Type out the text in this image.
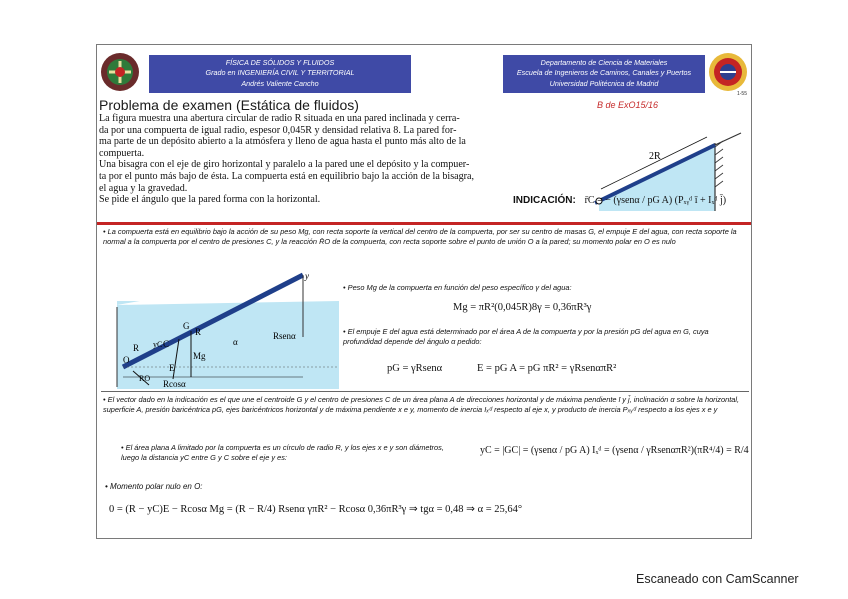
FÍSICA DE SÓLIDOS Y FLUIDOS
Grado en INGENIERÍA CIVIL Y TERRITORIAL
Andrés Valiente Cancho
Departamento de Ciencia de Materiales
Escuela de Ingenieros de Caminos, Canales y Puertos
Universidad Politécnica de Madrid
1-55
Problema de examen (Estática de fluidos)	B de ExO15/16
La figura muestra una abertura circular de radio R situada en una pared inclinada y cerra-
da por una compuerta de igual radio, espesor 0,045R y densidad relativa 8. La pared for-
ma parte de un depósito abierto a la atmósfera y lleno de agua hasta el punto más alto de la
compuerta.
Una bisagra con el eje de giro horizontal y paralelo a la pared une el depósito y la compuer-
ta por el punto más bajo de ésta. La compuerta está en equilibrio bajo la acción de la bisagra,
el agua y la gravedad.
Se pide el ángulo que la pared forma con la horizontal.
2R
INDICACIÓN: r̄C = − (γsenα / pG A) (Pₓᵧᵈ ī + Iₓᵈ j̄)
• La compuerta está en equilibrio bajo la acción de su peso Mg, con recta soporte la vertical del centro de la compuerta, por ser su centro de masas G, el empuje E del agua, con recta soporte la normal a la compuerta por el centro de presiones C, y la reacción R̄O de la compuerta, con recta soporte sobre el punto de unión O a la pared; su momento polar en O es nulo
R
R yC
G
C
O	Mg
E
RO
α
Rsenα
Rcosα
y
• Peso Mg de la compuerta en función del peso específico γ del agua:
Mg = πR²(0,045R)8γ = 0,36πR³γ
• El empuje E del agua está determinado por el área A de la compuerta y por la presión pG del agua en G, cuya profundidad depende del ángulo α pedido:
pG = γRsenα	E = pG A = pG πR² = γRsenαπR²
• El vector dado en la indicación es el que une el centroide G y el centro de presiones C de un área plana A de direcciones horizontal y de máxima pendiente ī y j̄, inclinación α sobre la horizontal, superficie A, presión baricéntrica pG, ejes baricéntricos horizontal y de máxima pendiente x e y, momento de inercia Iₓᵈ respecto al eje x, y producto de inercia Pₓᵧᵈ respecto a los ejes x e y
• El área plana A limitado por la compuerta es un círculo de radio R, y los ejes x e y son diámetros, luego la distancia yC entre G y C sobre el eje y es:
yC = |GC| = (γsenα / pG A) Iₓᵈ = (γsenα / γRsenαπR²)(πR⁴/4) = R/4
• Momento polar nulo en O:
0 = (R − yC)E − Rcosα Mg = (R − R/4) Rsenα γπR² − Rcosα 0,36πR³γ ⇒ tgα = 0,48 ⇒ α = 25,64°
Escaneado con CamScanner
